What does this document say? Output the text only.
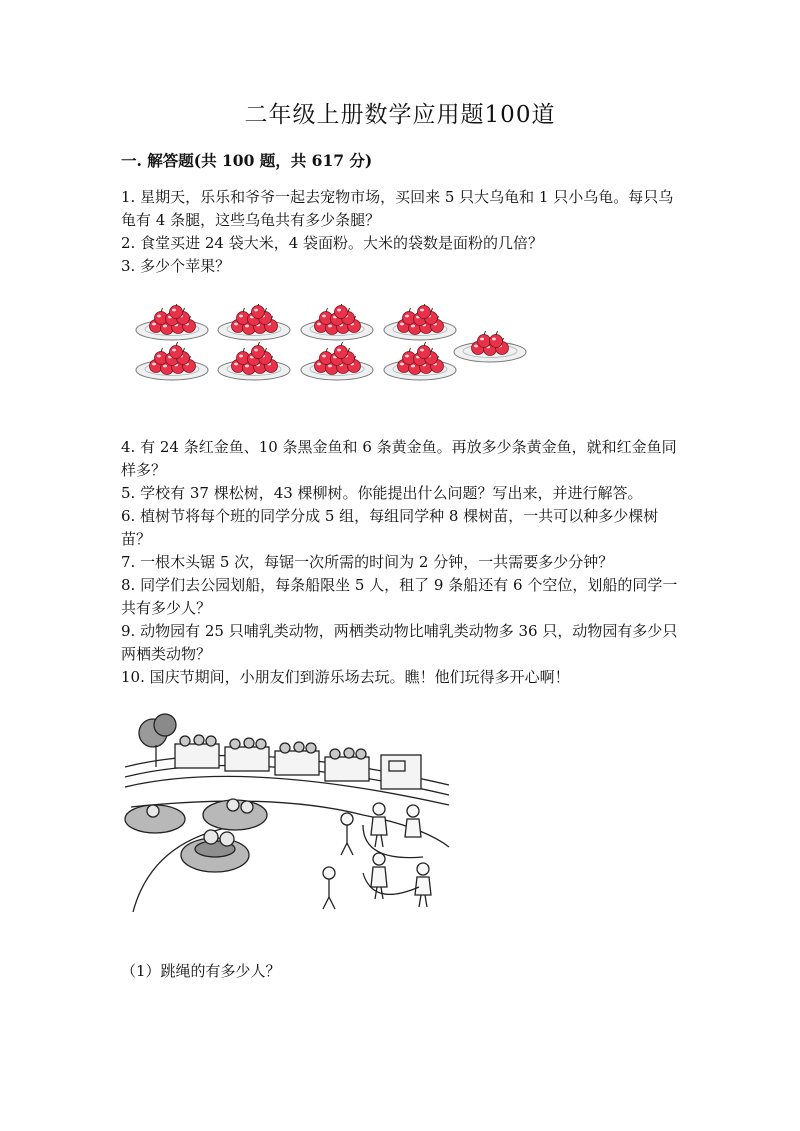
二年级上册数学应用题100道
一. 解答题(共 100 题，共 617 分)

1. 星期天，乐乐和爷爷一起去宠物市场，买回来 5 只大乌龟和 1 只小乌龟。每只乌龟有 4 条腿，这些乌龟共有多少条腿？

2. 食堂买进 24 袋大米，4 袋面粉。大米的袋数是面粉的几倍？

3. 多少个苹果？

4. 有 24 条红金鱼、10 条黑金鱼和 6 条黄金鱼。再放多少条黄金鱼，就和红金鱼同样多？

5. 学校有 37 棵松树，43 棵柳树。你能提出什么问题？写出来，并进行解答。

6. 植树节将每个班的同学分成 5 组，每组同学种 8 棵树苗，一共可以种多少棵树苗？

7. 一根木头锯 5 次，每锯一次所需的时间为 2 分钟，一共需要多少分钟？

8. 同学们去公园划船，每条船限坐 5 人，租了 9 条船还有 6 个空位，划船的同学一共有多少人？

9. 动物园有 25 只哺乳类动物，两栖类动物比哺乳类动物多 36 只，动物园有多少只两栖类动物？

10. 国庆节期间，小朋友们到游乐场去玩。瞧！他们玩得多开心啊！

（1）跳绳的有多少人？
